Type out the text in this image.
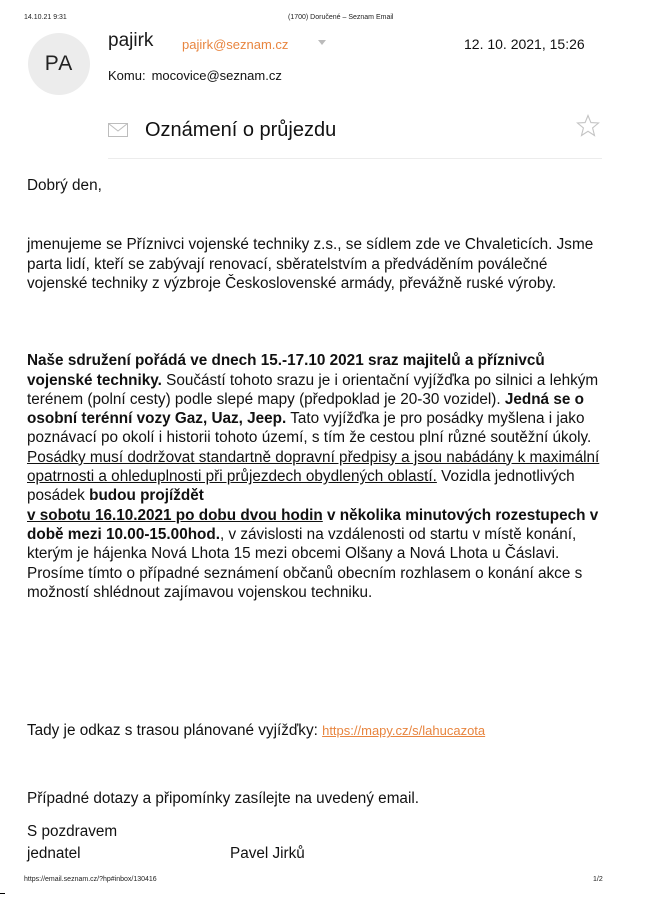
14.10.21 9:31	(1700) Doručené – Seznam Email
PA
pajirk pajirk@seznam.cz	12. 10. 2021, 15:26
Komu: mocovice@seznam.cz
Oznámení o průjezdu
Dobrý den,

jmenujeme se Příznivci vojenské techniky z.s., se sídlem zde ve Chvaleticích. Jsme parta lidí, kteří se zabývají renovací, sběratelstvím a předváděním poválečné vojenské techniky z výzbroje Československé armády, převážně ruské výroby.

Naše sdružení pořádá ve dnech 15.-17.10 2021 sraz majitelů a příznivců vojenské techniky. Součástí tohoto srazu je i orientační vyjížďka po silnici a lehkým terénem (polní cesty) podle slepé mapy (předpoklad je 20-30 vozidel). Jedná se o osobní terénní vozy Gaz, Uaz, Jeep. Tato vyjížďka je pro posádky myšlena i jako poznávací po okolí i historii tohoto území, s tím že cestou plní různé soutěžní úkoly. Posádky musí dodržovat standartně dopravní předpisy a jsou nabádány k maximální opatrnosti a ohleduplnosti při průjezdech obydlených oblastí. Vozidla jednotlivých posádek budou projíždět
v sobotu 16.10.2021 po dobu dvou hodin v několika minutových rozestupech v době mezi 10.00-15.00hod., v závislosti na vzdálenosti od startu v místě konání, kterým je hájenka Nová Lhota 15 mezi obcemi Olšany a Nová Lhota u Čáslavi. Prosíme tímto o případné seznámení občanů obecním rozhlasem o konání akce s možností shlédnout zajímavou vojenskou techniku.

Tady je odkaz s trasou plánované vyjížďky: https://mapy.cz/s/lahucazota

Případné dotazy a připomínky zasílejte na uvedený email.

S pozdravem
jednatel	Pavel Jirků
https://email.seznam.cz/?hp#inbox/130416	1/2
